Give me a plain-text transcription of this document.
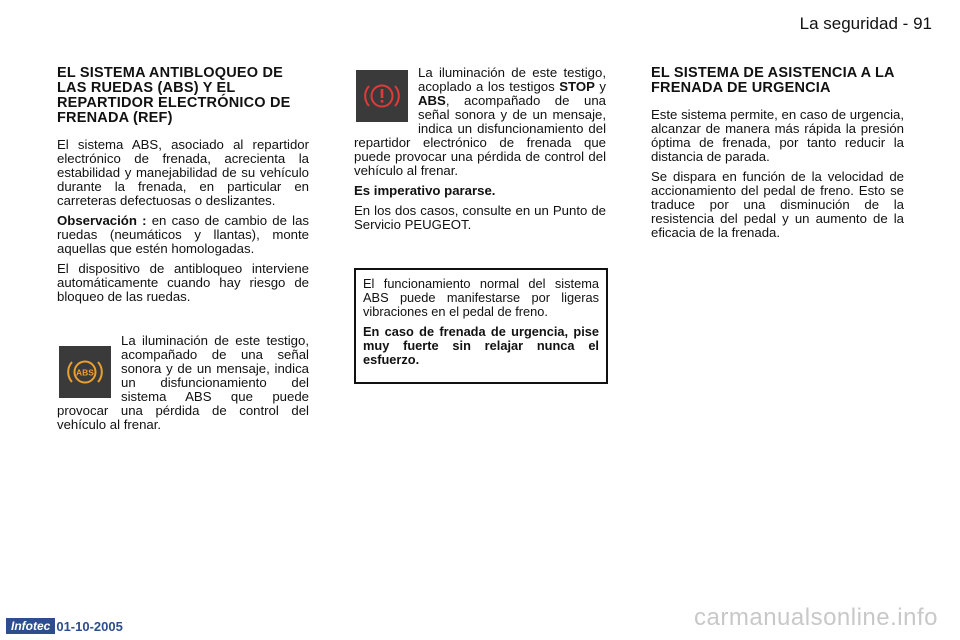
La seguridad - 91
EL SISTEMA ANTIBLOQUEO DE LAS RUEDAS (ABS) Y EL REPARTIDOR ELECTRÓNICO DE FRENADA (REF)

El sistema ABS, asociado al repartidor electrónico de frenada, acrecienta la estabilidad y manejabilidad de su vehículo durante la frenada, en particular en carreteras defectuosas o deslizantes.

Observación : en caso de cambio de las ruedas (neumáticos y llantas), monte aquellas que estén homologadas.

El dispositivo de antibloqueo interviene automáticamente cuando hay riesgo de bloqueo de las ruedas.

ABS

La iluminación de este testigo, acompañado de una señal sonora y de un mensaje, indica un disfuncionamiento del sistema ABS que puede provocar una pérdida de control del vehículo al frenar.

La iluminación de este testigo, acoplado a los testigos STOP y ABS, acompañado de una señal sonora y de un mensaje, indica un disfuncionamiento del repartidor electrónico de frenada que puede provocar una pérdida de control del vehículo al frenar.

Es imperativo pararse.

En los dos casos, consulte en un Punto de Servicio PEUGEOT.

El funcionamiento normal del sistema ABS puede manifestarse por ligeras vibraciones en el pedal de freno.

En caso de frenada de urgencia, pise muy fuerte sin relajar nunca el esfuerzo.

EL SISTEMA DE ASISTENCIA A LA FRENADA DE URGENCIA

Este sistema permite, en caso de urgencia, alcanzar de manera más rápida la presión óptima de frenada, por tanto reducir la distancia de parada.

Se dispara en función de la velocidad de accionamiento del pedal de freno. Esto se traduce por una disminución de la resistencia del pedal y un aumento de la eficacia de la frenada.

Infotec 01-10-2005	carmanualsonline.info
